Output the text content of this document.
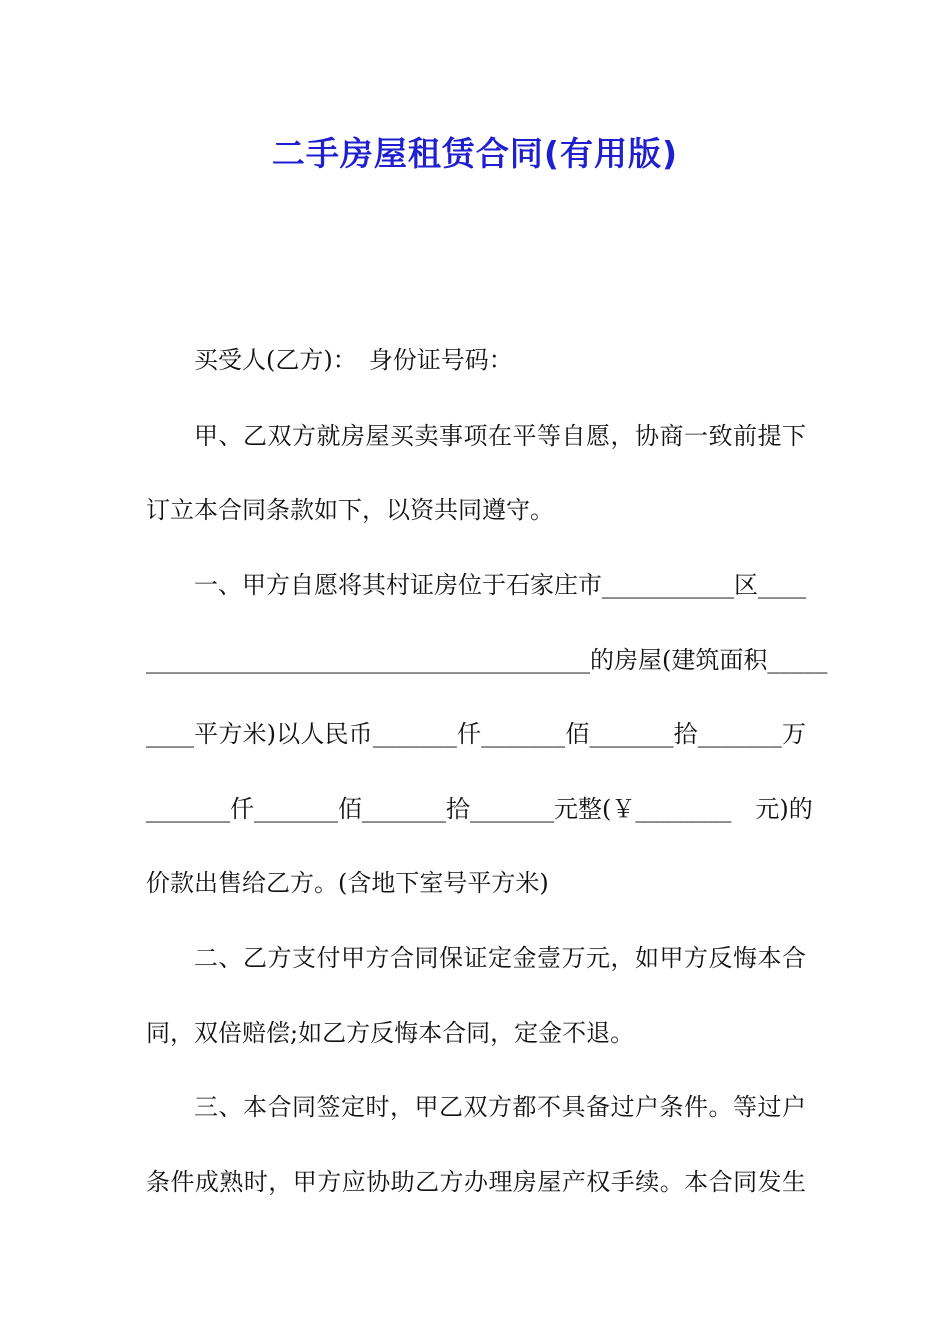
二手房屋租赁合同(有用版)
买受人(乙方)：　身份证号码：
甲、乙双方就房屋买卖事项在平等自愿，协商一致前提下
订立本合同条款如下，以资共同遵守。
一、甲方自愿将其村证房位于石家庄市___________区____
_____________________________________的房屋(建筑面积_____
____平方米)以人民币_______仟_______佰_______拾_______万
_______仟_______佰_______拾_______元整(￥________　元)的
价款出售给乙方。(含地下室号平方米)
二、乙方支付甲方合同保证定金壹万元，如甲方反悔本合
同，双倍赔偿;如乙方反悔本合同，定金不退。
三、本合同签定时，甲乙双方都不具备过户条件。等过户
条件成熟时，甲方应协助乙方办理房屋产权手续。本合同发生
